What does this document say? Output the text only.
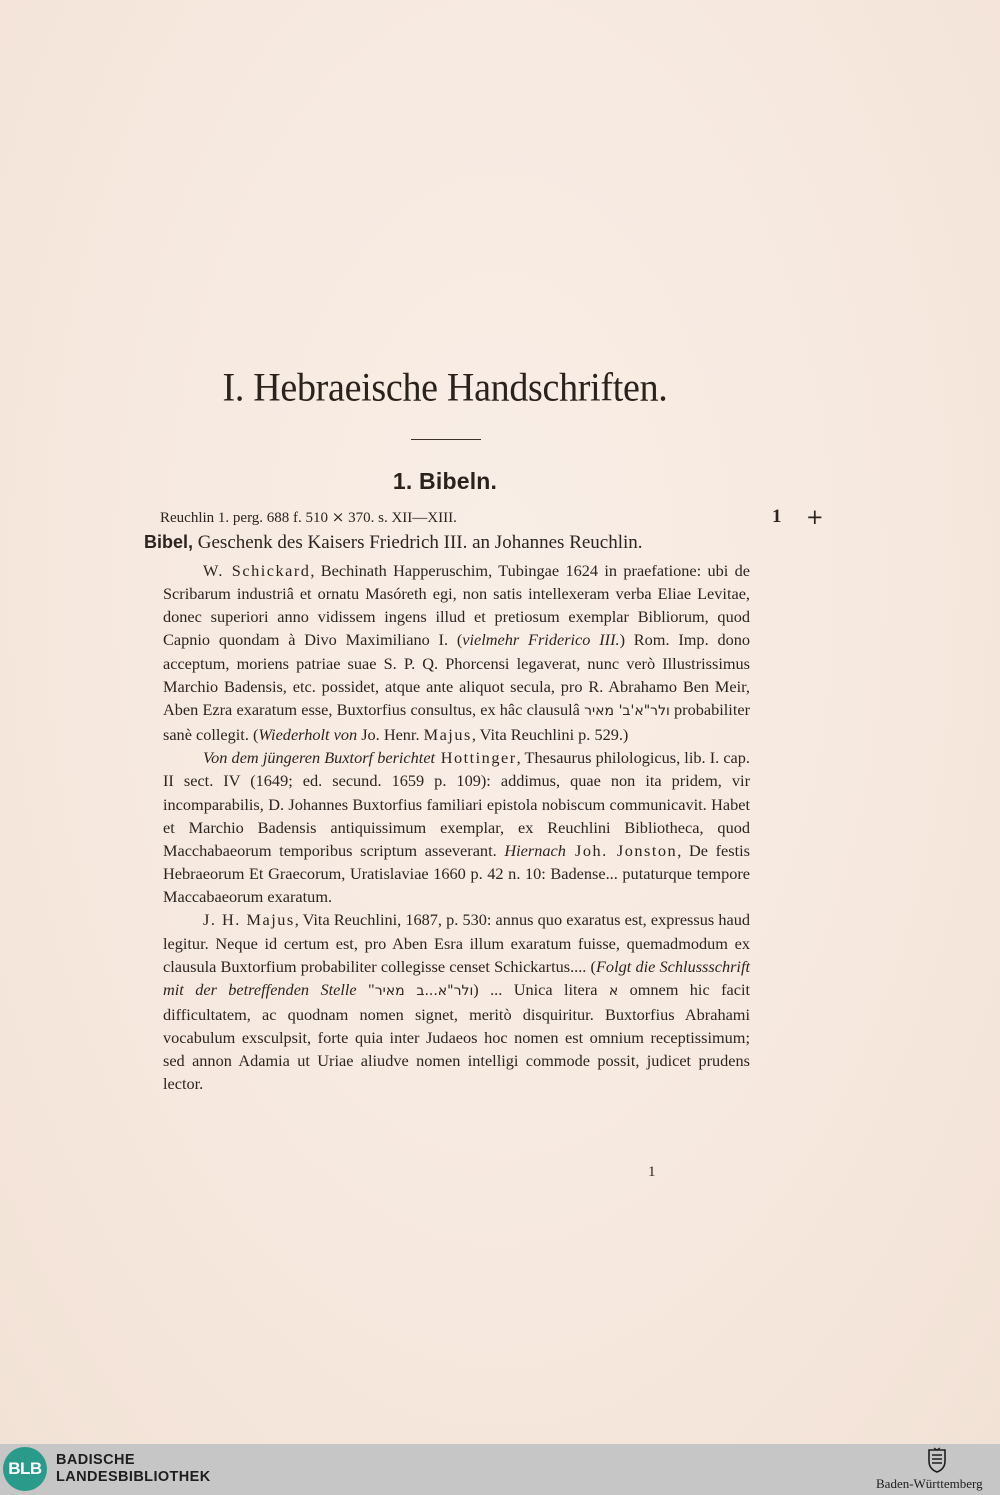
I. Hebraeische Handschriften.
1. Bibeln.
Reuchlin 1. perg. 688 f. 510 ⨯ 370. s. XII—XIII.	1 +
Bibel, Geschenk des Kaisers Friedrich III. an Johannes Reuchlin.

W. Schickard, Bechinath Happeruschim, Tubingae 1624 in praefatione: ubi de Scribarum industriâ et ornatu Masóreth egi, non satis intellexeram verba Eliae Levitae, donec superiori anno vidissem ingens illud et pretiosum exemplar Bibliorum, quod Capnio quondam à Divo Maximiliano I. (vielmehr Friderico III.) Rom. Imp. dono acceptum, moriens patriae suae S. P. Q. Phorcensi legaverat, nunc verò Illustrissimus Marchio Badensis, etc. possidet, atque ante aliquot secula, pro R. Abrahamo Ben Meir, Aben Ezra exaratum esse, Buxtorfius consultus, ex hâc clausulâ ולר"א'ב' מאיר probabiliter sanè collegit. (Wiederholt von Jo. Henr. Majus, Vita Reuchlini p. 529.)

Von dem jüngeren Buxtorf berichtet Hottinger, Thesaurus philologicus, lib. I. cap. II sect. IV (1649; ed. secund. 1659 p. 109): addimus, quae non ita pridem, vir incomparabilis, D. Johannes Buxtorfius familiari epistola nobiscum communicavit. Habet et Marchio Badensis antiquissimum exemplar, ex Reuchlini Bibliotheca, quod Macchabaeorum temporibus scriptum asseverant. Hiernach Joh. Jonston, De festis Hebraeorum Et Graecorum, Uratislaviae 1660 p. 42 n. 10: Badense... putaturque tempore Maccabaeorum exaratum.

J. H. Majus, Vita Reuchlini, 1687, p. 530: annus quo exaratus est, expressus haud legitur. Neque id certum est, pro Aben Esra illum exaratum fuisse, quemadmodum ex clausula Buxtorfium probabiliter collegisse censet Schickartus.... (Folgt die Schlussschrift mit der betreffenden Stelle "ולר"א...ב מאיר) ... Unica litera א omnem hic facit difficultatem, ac quodnam nomen signet, meritò disquiritur. Buxtorfius Abrahami vocabulum exsculpsit, forte quia inter Judaeos hoc nomen est omnium receptissimum; sed annon Adamia ut Uriae aliudve nomen intelligi commode possit, judicet prudens lector.

1
BLB BADISCHE
LANDESBIBLIOTHEK	Baden-Württemberg
